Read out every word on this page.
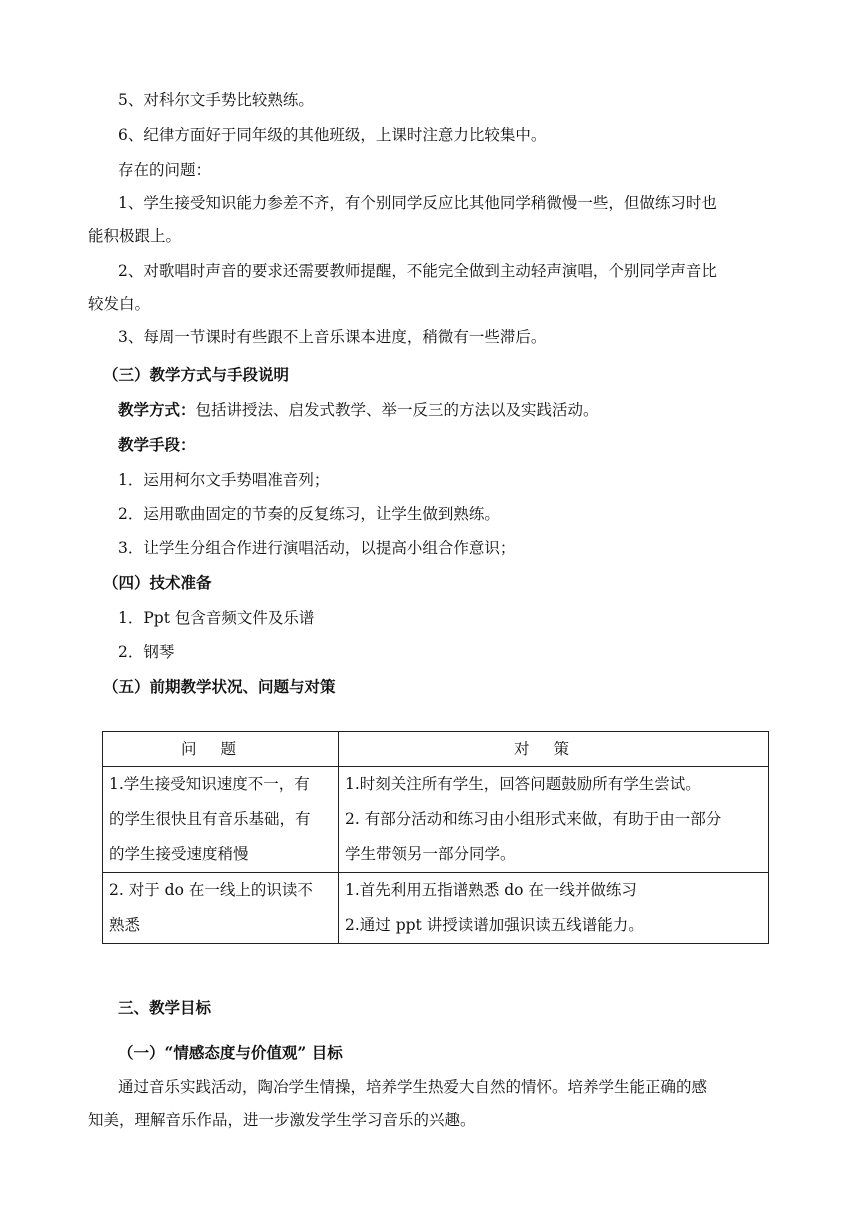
5、对科尔文手势比较熟练。
6、纪律方面好于同年级的其他班级，上课时注意力比较集中。
存在的问题：
1、学生接受知识能力参差不齐，有个别同学反应比其他同学稍微慢一些，但做练习时也
能积极跟上。
2、对歌唱时声音的要求还需要教师提醒，不能完全做到主动轻声演唱，个别同学声音比
较发白。
3、每周一节课时有些跟不上音乐课本进度，稍微有一些滞后。
（三）教学方式与手段说明
教学方式：包括讲授法、启发式教学、举一反三的方法以及实践活动。
教学手段：
1．运用柯尔文手势唱准音列；
2．运用歌曲固定的节奏的反复练习，让学生做到熟练。
3．让学生分组合作进行演唱活动，以提高小组合作意识；
（四）技术准备
1．Ppt 包含音频文件及乐谱
2．钢琴
（五）前期教学状况、问题与对策
问题	对策

1.学生接受知识速度不一，有
的学生很快且有音乐基础，有
的学生接受速度稍慢	1.时刻关注所有学生，回答问题鼓励所有学生尝试。
2. 有部分活动和练习由小组形式来做，有助于由一部分
学生带领另一部分同学。

2. 对于 do 在一线上的识读不
熟悉	1.首先利用五指谱熟悉 do 在一线并做练习
2.通过 ppt 讲授读谱加强识读五线谱能力。
三、教学目标
（一）“情感态度与价值观” 目标
通过音乐实践活动，陶冶学生情操，培养学生热爱大自然的情怀。培养学生能正确的感
知美，理解音乐作品，进一步激发学生学习音乐的兴趣。
